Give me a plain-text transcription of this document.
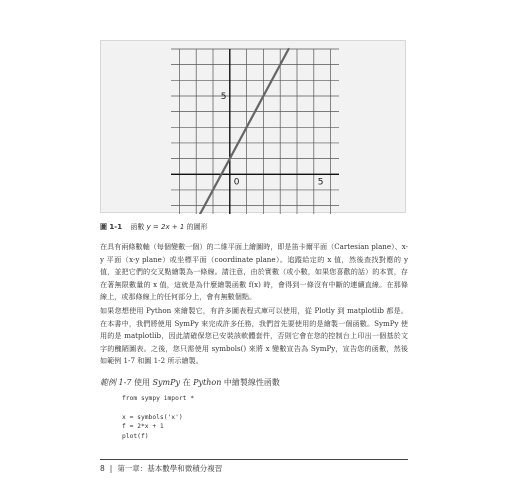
0	5
5
圖 1-1 函數 y = 2x + 1 的圖形
在具有兩條數軸（每個變數一個）的二維平面上繪圖時，即是笛卡爾平面（Cartesian plane）、x-y 平面（x-y plane）或坐標平面（coordinate plane）。追蹤給定的 x 值，然後查找對應的 y 值，並把它們的交叉點繪製為一條線。請注意，由於實數（或小數，如果您喜歡的話）的本質，存在著無限數量的 x 值，這就是為什麼繪製函數 f(x) 時，會得到一條沒有中斷的連續直線。在那條線上，或那條線上的任何部分上，會有無數個點。
如果您想使用 Python 來繪製它，有許多圖表程式庫可以使用，從 Plotly 到 matplotlib 都是。在本書中，我們將使用 SymPy 來完成許多任務，我們首先要使用的是繪製一個函數。SymPy 使用的是 matplotlib，因此請確保您已安裝該軟體套件，否則它會在您的控制台上印出一個基於文字的醜陋圖表。之後，您只需使用 symbols() 來將 x 變數宣告為 SymPy，宣告您的函數，然後如範例 1-7 和圖 1-2 所示繪製。
範例 1-7 使用 SymPy 在 Python 中繪製線性函數
from sympy import *

x = symbols('x')
f = 2*x + 1
plot(f)
8 | 第一章：基本數學和微積分複習
